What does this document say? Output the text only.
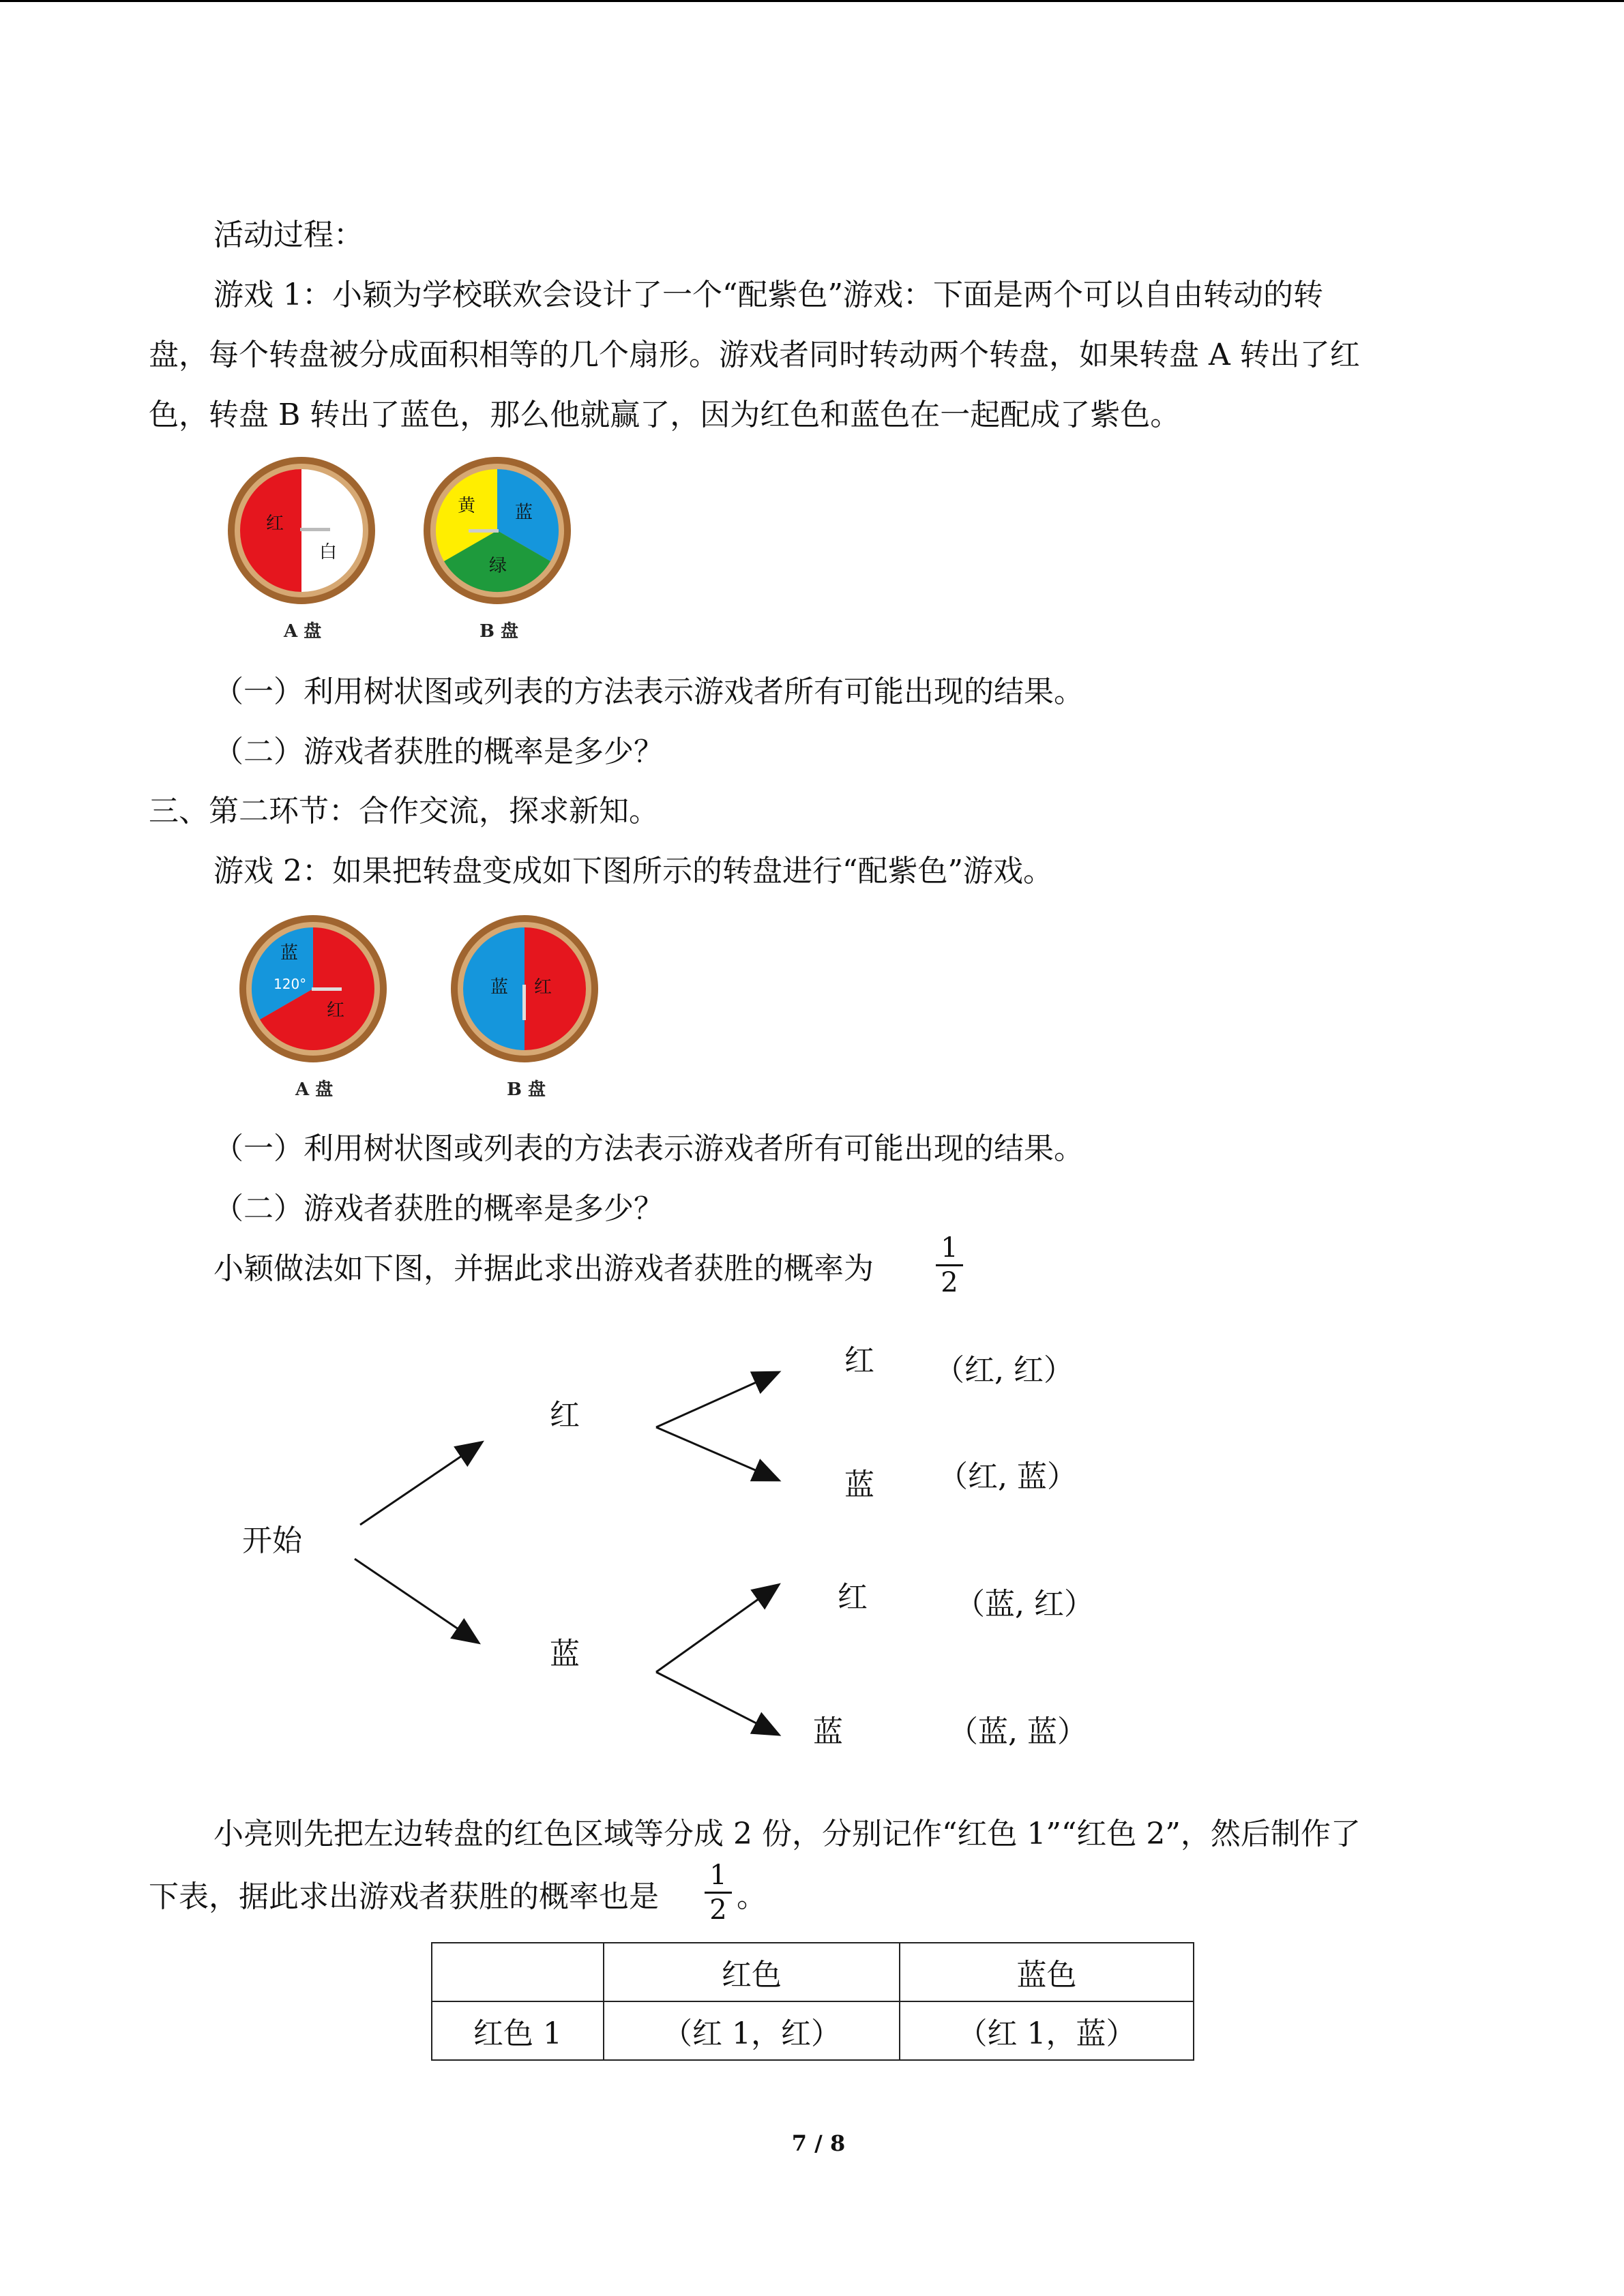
活动过程：
游戏 1：小颖为学校联欢会设计了一个“配紫色”游戏：下面是两个可以自由转动的转
盘，每个转盘被分成面积相等的几个扇形。游戏者同时转动两个转盘，如果转盘 A 转出了红
色，转盘 B 转出了蓝色，那么他就赢了，因为红色和蓝色在一起配成了紫色。
红
白
A 盘
黄 蓝
绿
B 盘
（一）利用树状图或列表的方法表示游戏者所有可能出现的结果。
（二）游戏者获胜的概率是多少？
三、第二环节：合作交流，探求新知。
游戏 2：如果把转盘变成如下图所示的转盘进行“配紫色”游戏。
蓝
红
120°
A 盘
蓝 红
B 盘
（一）利用树状图或列表的方法表示游戏者所有可能出现的结果。
（二）游戏者获胜的概率是多少？
小颖做法如下图，并据此求出游戏者获胜的概率为
1
2
开始
红
蓝
红
蓝
红
蓝
（红, 红）
（红, 蓝）
（蓝, 红）
（蓝, 蓝）
小亮则先把左边转盘的红色区域等分成 2 份，分别记作“红色 1”“红色 2”，然后制作了
下表，据此求出游戏者获胜的概率也是
1
2 。
	红色	蓝色
红色 1	（红 1，红）	（红 1，蓝）
7 / 8
